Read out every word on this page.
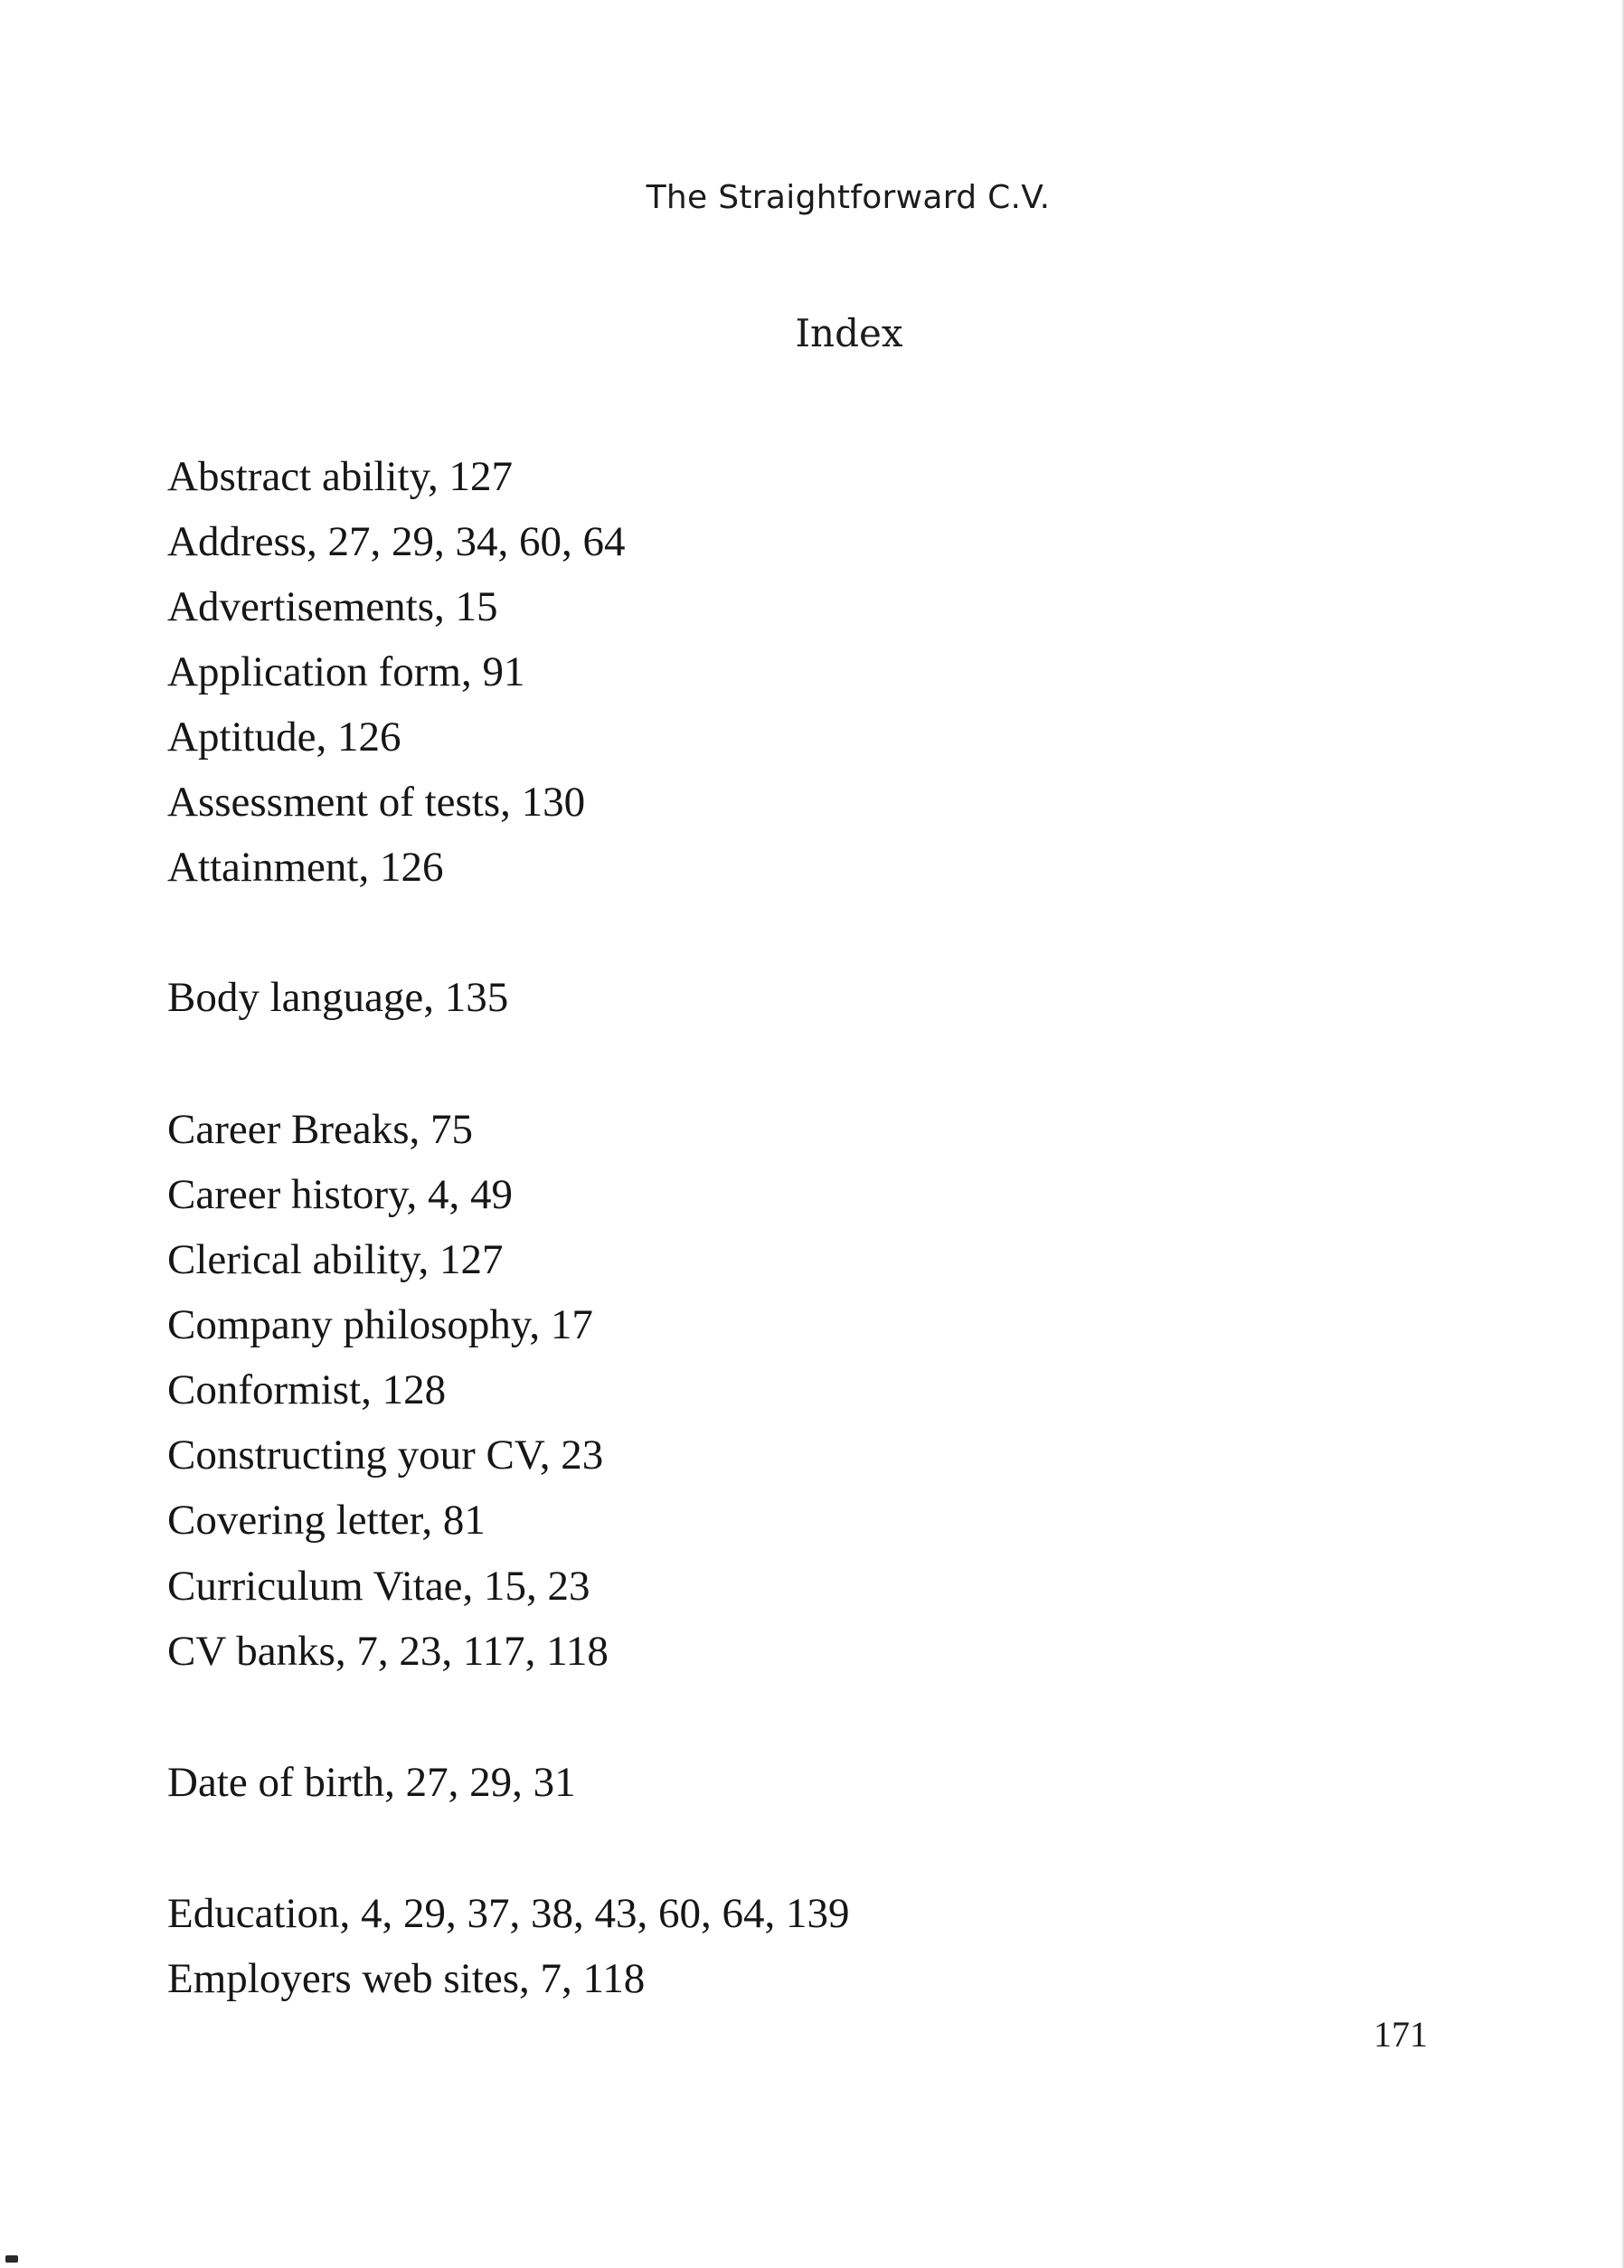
The Straightforward C.V.
Index
Abstract ability, 127
Address, 27, 29, 34, 60, 64
Advertisements, 15
Application form, 91
Aptitude, 126
Assessment of tests, 130
Attainment, 126
Body language, 135
Career Breaks, 75
Career history, 4, 49
Clerical ability, 127
Company philosophy, 17
Conformist, 128
Constructing your CV, 23
Covering letter, 81
Curriculum Vitae, 15, 23
CV banks, 7, 23, 117, 118
Date of birth, 27, 29, 31
Education, 4, 29, 37, 38, 43, 60, 64, 139
Employers web sites, 7, 118
171
